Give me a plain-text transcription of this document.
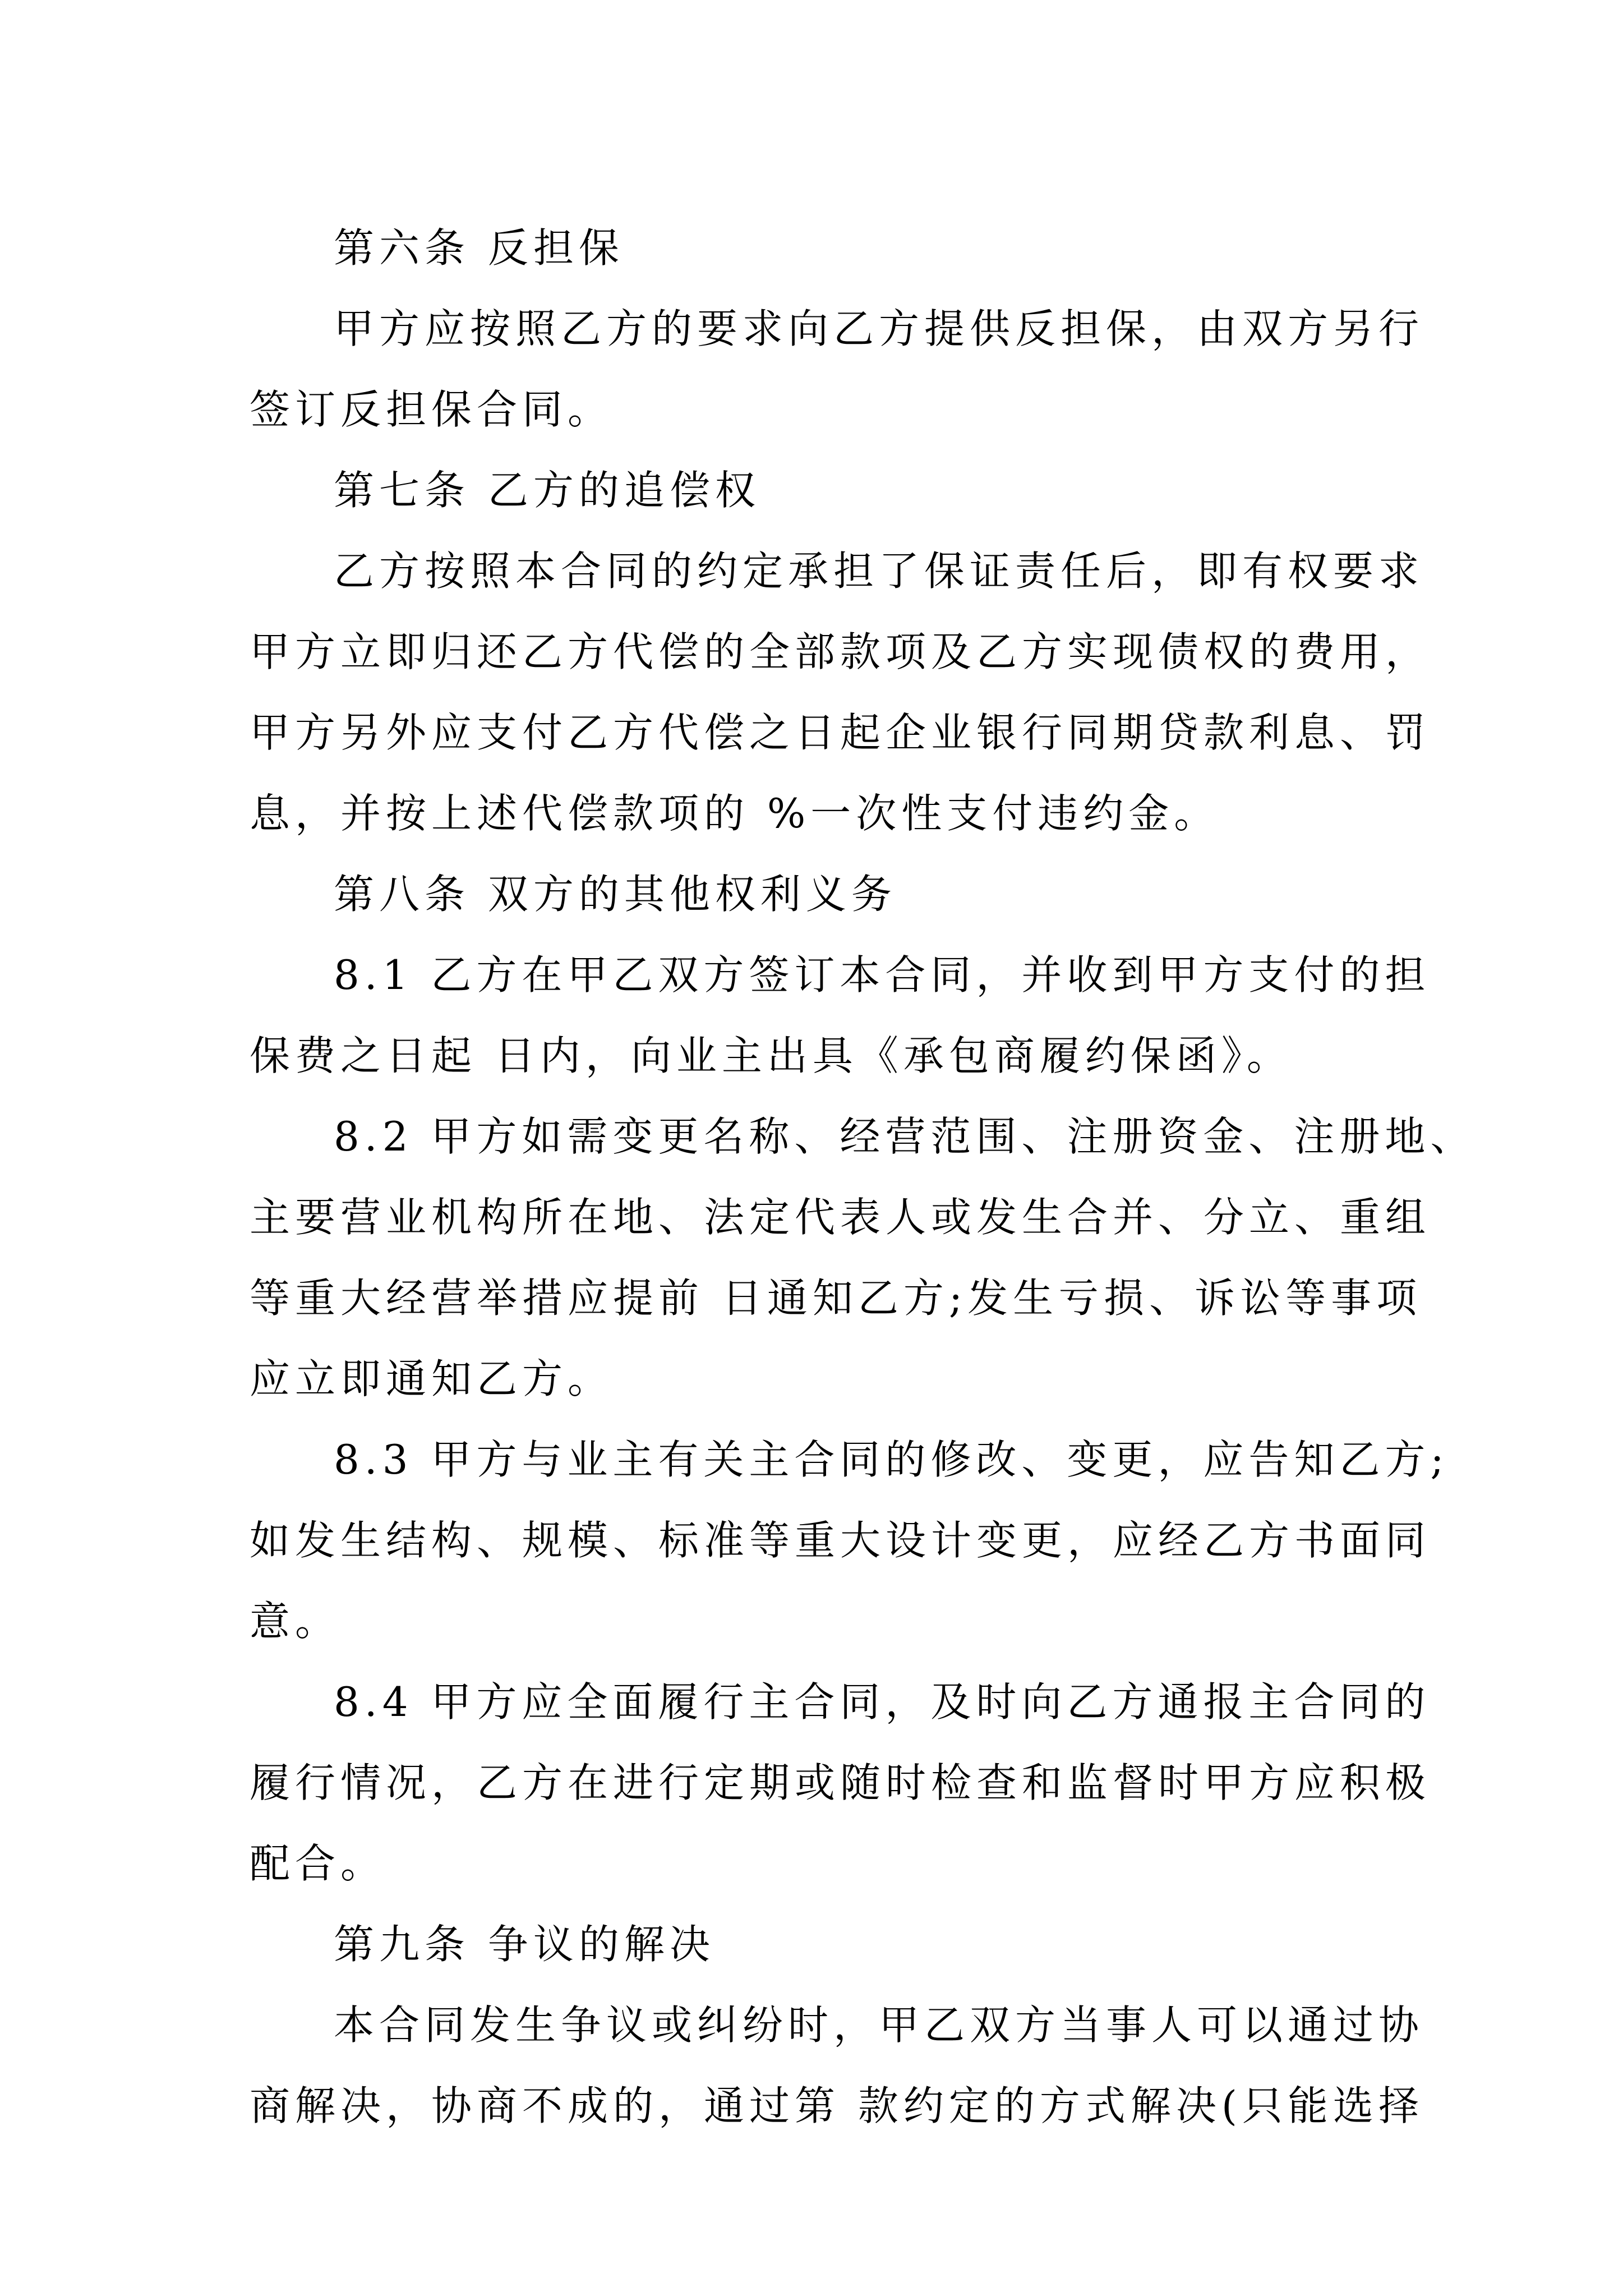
第六条 反担保
甲方应按照乙方的要求向乙方提供反担保，由双方另行
签订反担保合同。
第七条 乙方的追偿权
乙方按照本合同的约定承担了保证责任后，即有权要求
甲方立即归还乙方代偿的全部款项及乙方实现债权的费用，
甲方另外应支付乙方代偿之日起企业银行同期贷款利息、罚
息，并按上述代偿款项的 %一次性支付违约金。
第八条 双方的其他权利义务
8.1 乙方在甲乙双方签订本合同，并收到甲方支付的担
保费之日起 日内，向业主出具《承包商履约保函》。
8.2 甲方如需变更名称、经营范围、注册资金、注册地、
主要营业机构所在地、法定代表人或发生合并、分立、重组
等重大经营举措应提前 日通知乙方;发生亏损、诉讼等事项
应立即通知乙方。
8.3 甲方与业主有关主合同的修改、变更，应告知乙方;
如发生结构、规模、标准等重大设计变更，应经乙方书面同
意。
8.4 甲方应全面履行主合同，及时向乙方通报主合同的
履行情况，乙方在进行定期或随时检查和监督时甲方应积极
配合。
第九条 争议的解决
本合同发生争议或纠纷时，甲乙双方当事人可以通过协
商解决，协商不成的，通过第 款约定的方式解决(只能选择
